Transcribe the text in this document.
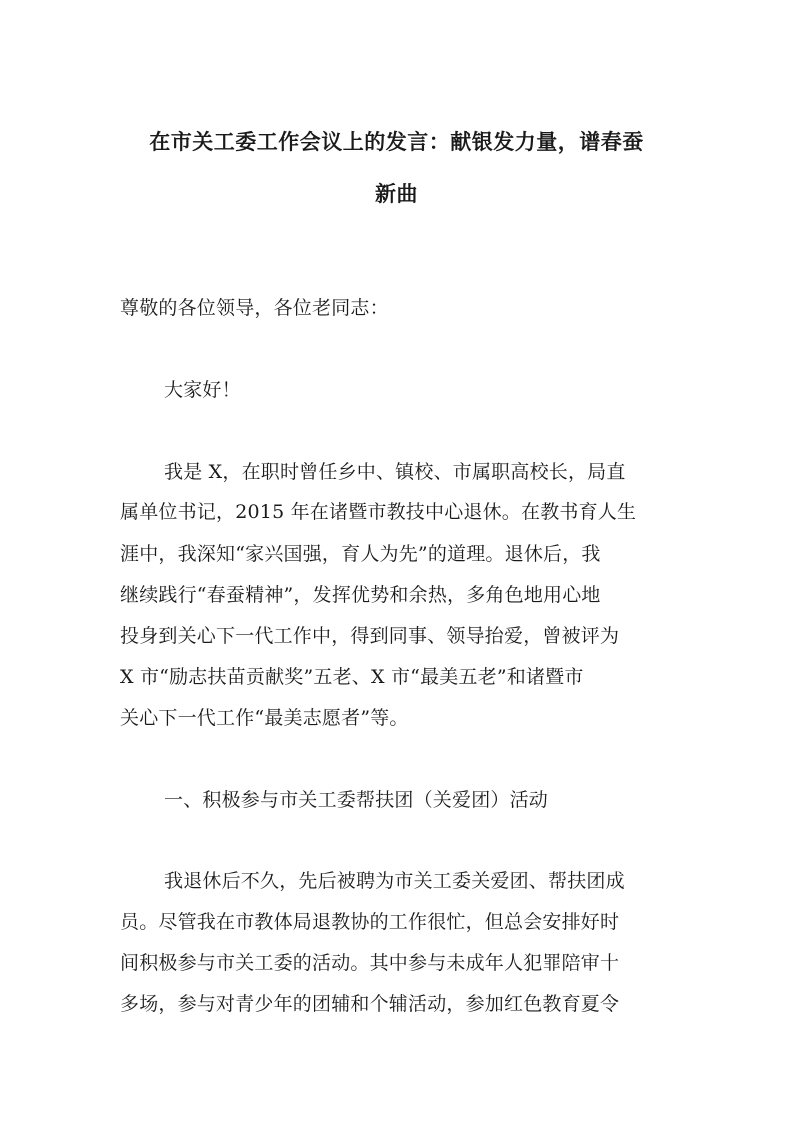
在市关工委工作会议上的发言：献银发力量，谱春蚕
新曲
尊敬的各位领导，各位老同志：
大家好！
我是 X，在职时曾任乡中、镇校、市属职高校长，局直
属单位书记，2015 年在诸暨市教技中心退休。在教书育人生
涯中，我深知“家兴国强，育人为先”的道理。退休后，我
继续践行“春蚕精神”，发挥优势和余热，多角色地用心地
投身到关心下一代工作中，得到同事、领导抬爱，曾被评为
X 市“励志扶苗贡献奖”五老、X 市“最美五老”和诸暨市
关心下一代工作“最美志愿者”等。
一、积极参与市关工委帮扶团（关爱团）活动
我退休后不久，先后被聘为市关工委关爱团、帮扶团成
员。尽管我在市教体局退教协的工作很忙，但总会安排好时
间积极参与市关工委的活动。其中参与未成年人犯罪陪审十
多场，参与对青少年的团辅和个辅活动，参加红色教育夏令
